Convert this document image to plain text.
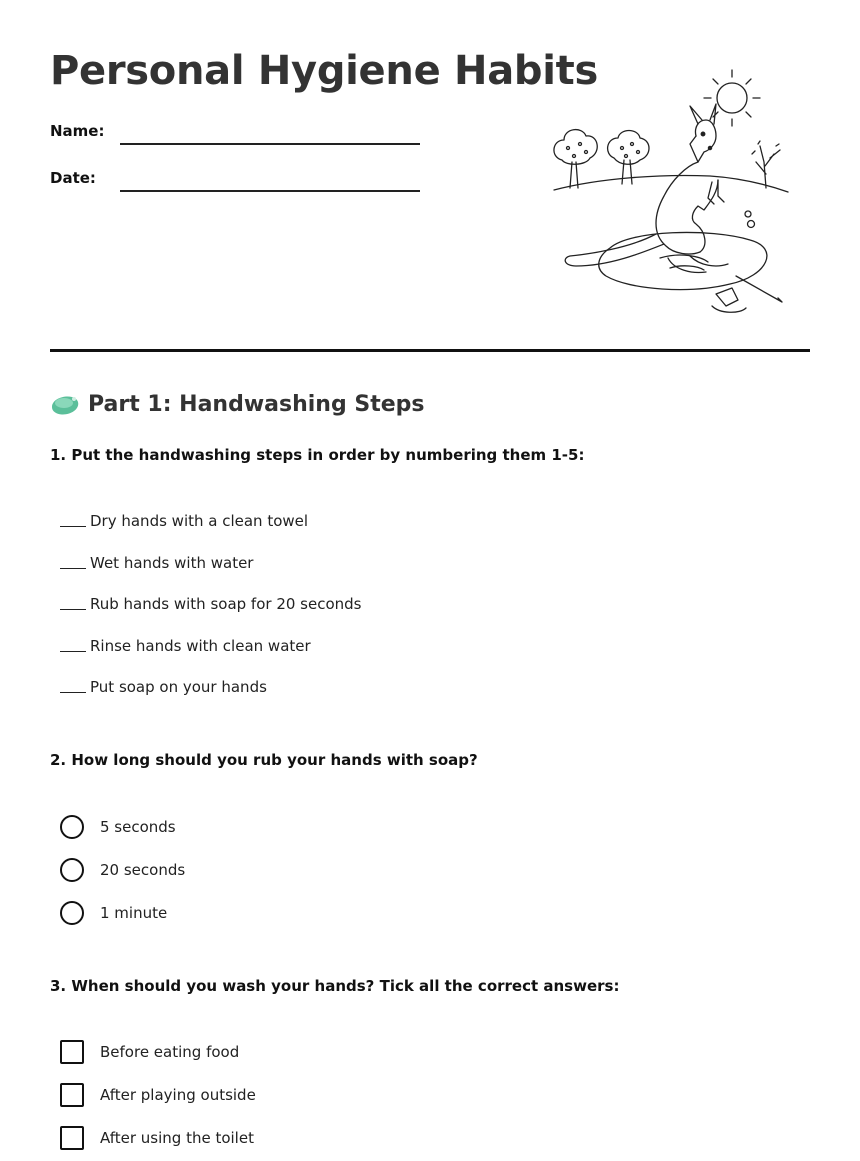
Personal Hygiene Habits
Name:
Date:
Part 1: Handwashing Steps
1. Put the handwashing steps in order by numbering them 1-5:
Dry hands with a clean towel
Wet hands with water
Rub hands with soap for 20 seconds
Rinse hands with clean water
Put soap on your hands
2. How long should you rub your hands with soap?
5 seconds
20 seconds
1 minute
3. When should you wash your hands? Tick all the correct answers:
Before eating food
After playing outside
After using the toilet
